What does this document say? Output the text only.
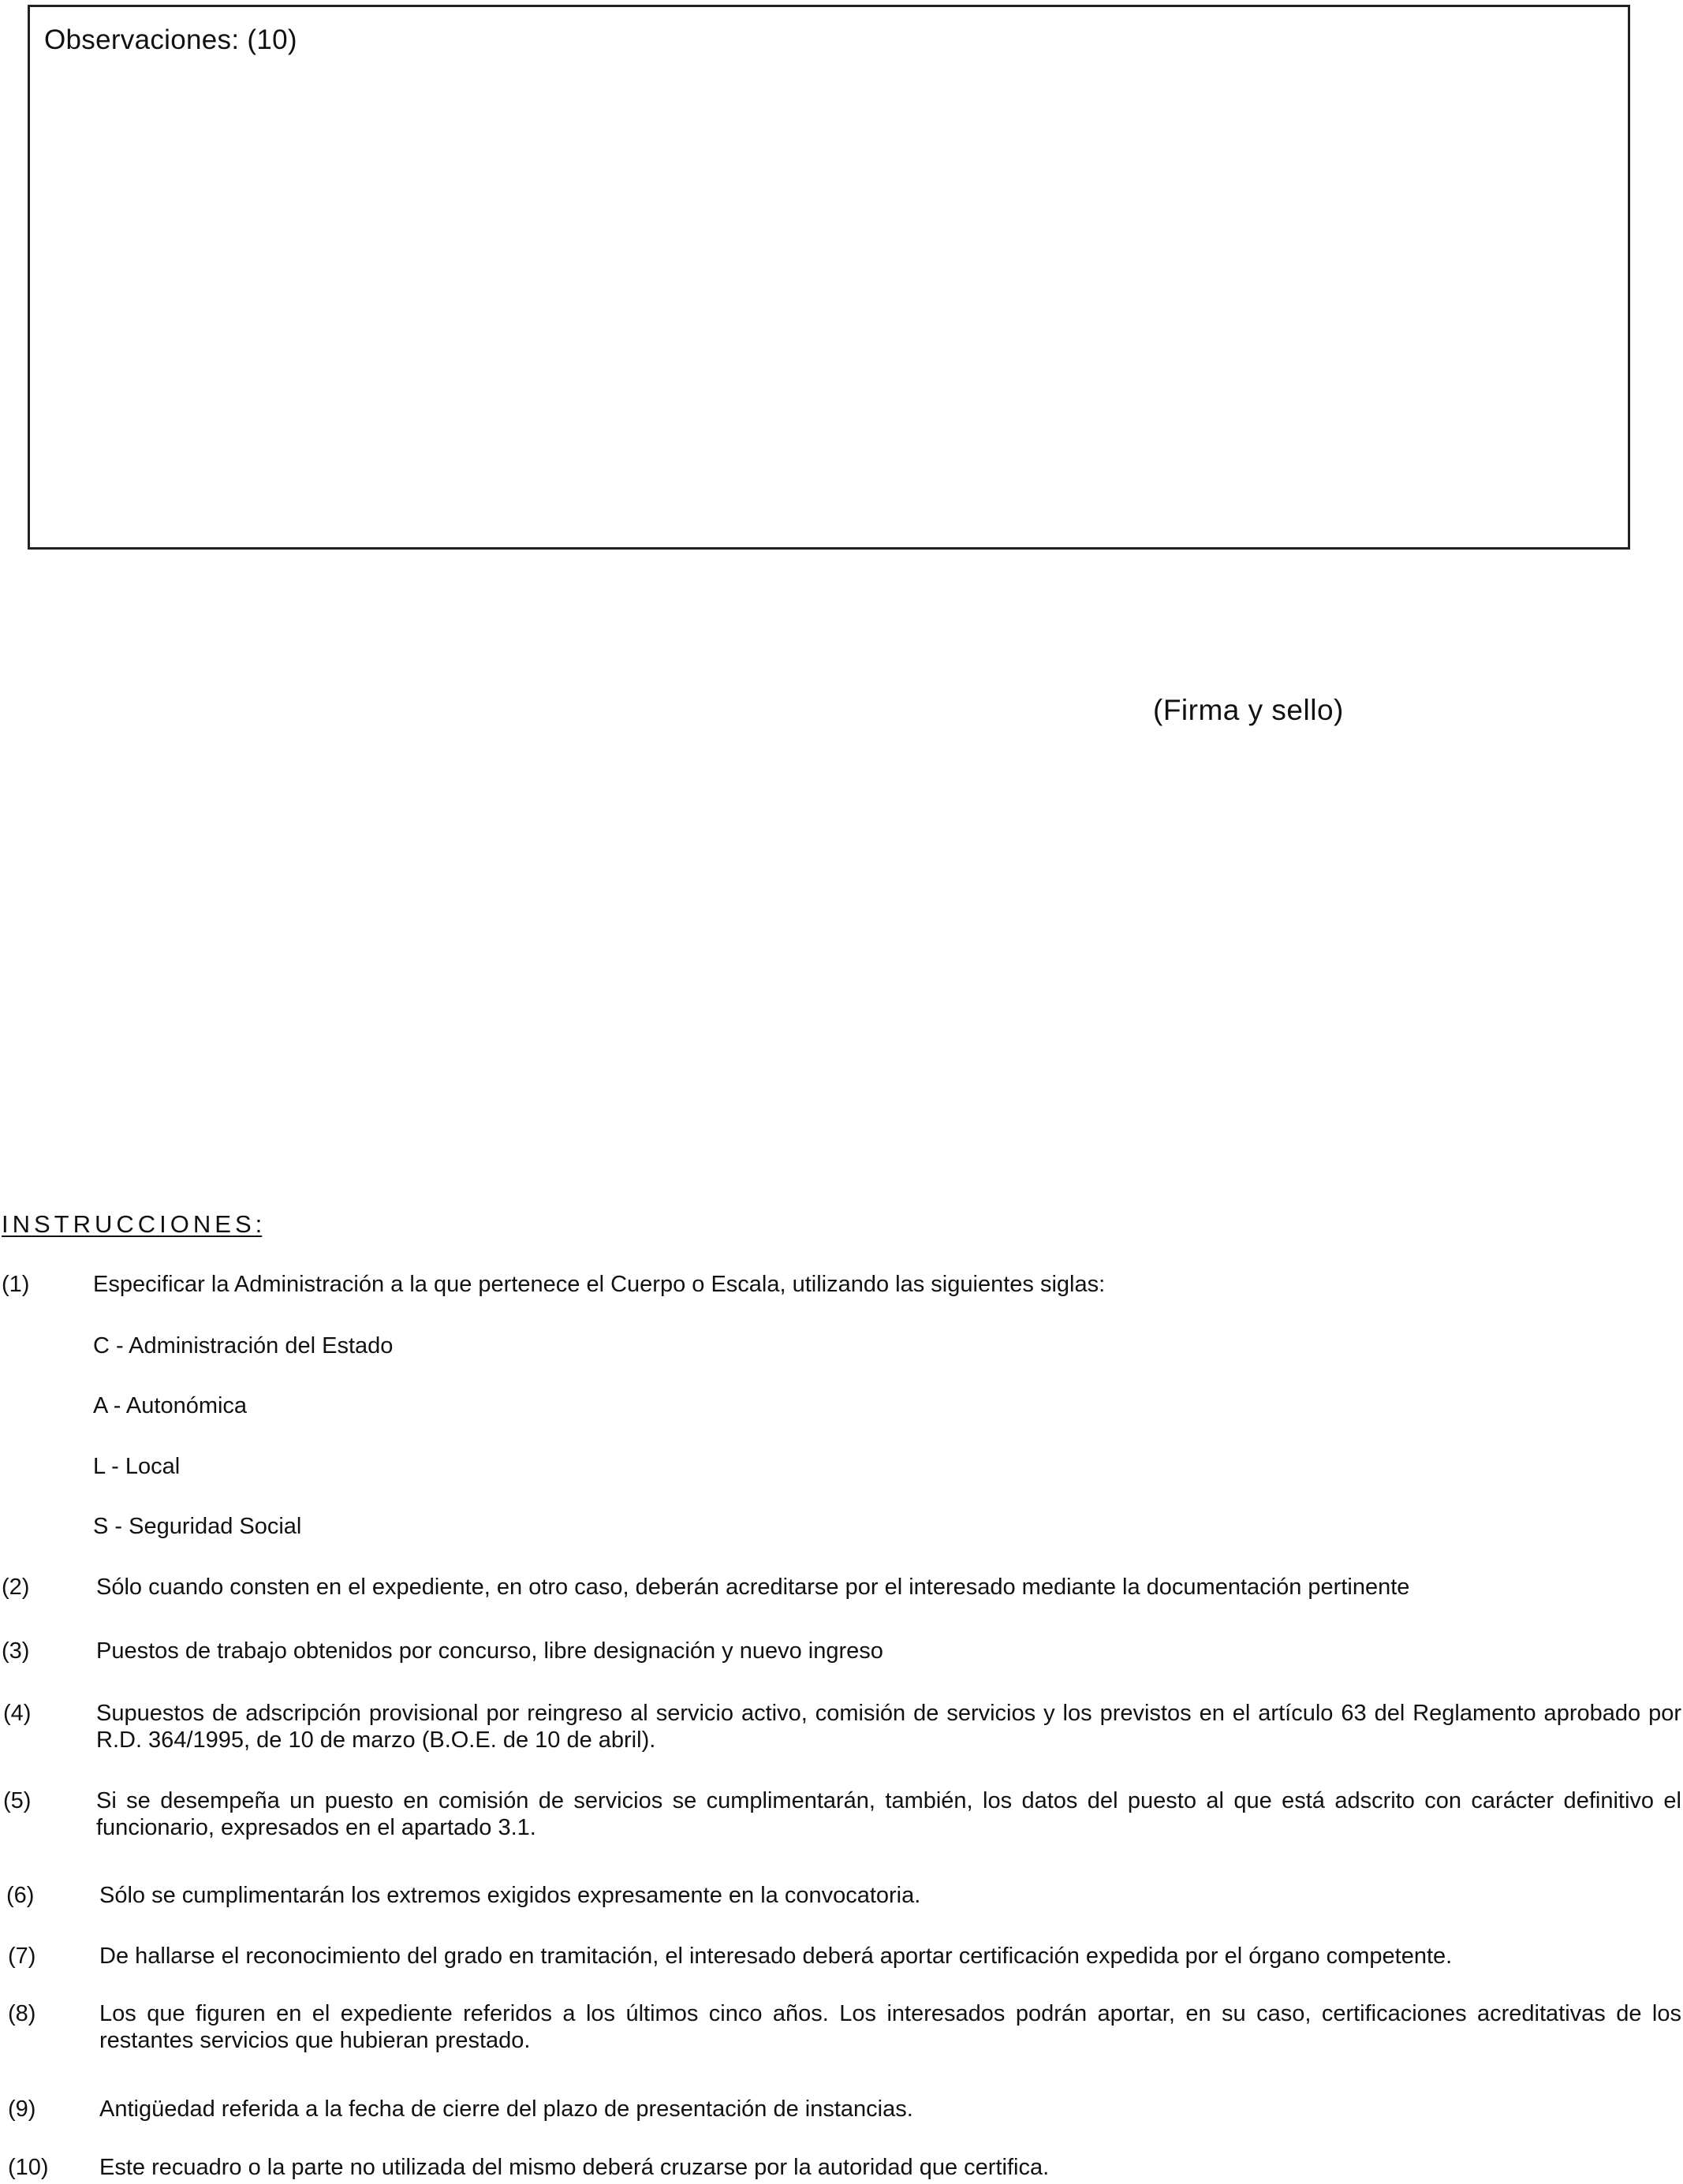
Observaciones: (10)
(Firma y sello)
INSTRUCCIONES:
(1)	Especificar la Administración a la que pertenece el Cuerpo o Escala, utilizando las siguientes siglas:
C - Administración del Estado
A - Autonómica
L - Local
S - Seguridad Social
(2)	Sólo cuando consten en el expediente, en otro caso, deberán acreditarse por el interesado mediante la documentación pertinente
(3)	Puestos de trabajo obtenidos por concurso, libre designación y nuevo ingreso
(4)	Supuestos de adscripción provisional por reingreso al servicio activo, comisión de servicios y los previstos en el artículo 63 del Reglamento aprobado por R.D. 364/1995, de 10 de marzo (B.O.E. de 10 de abril).
(5)	Si se desempeña un puesto en comisión de servicios se cumplimentarán, también, los datos del puesto al que está adscrito con carácter definitivo el funcionario, expresados en el apartado 3.1.
(6)	Sólo se cumplimentarán los extremos exigidos expresamente en la convocatoria.
(7)	De hallarse el reconocimiento del grado en tramitación, el interesado deberá aportar certificación expedida por el órgano competente.
(8)	Los que figuren en el expediente referidos a los últimos cinco años. Los interesados podrán aportar, en su caso, certificaciones acreditativas de los restantes servicios que hubieran prestado.
(9)	Antigüedad referida a la fecha de cierre del plazo de presentación de instancias.
(10)	Este recuadro o la parte no utilizada del mismo deberá cruzarse por la autoridad que certifica.
